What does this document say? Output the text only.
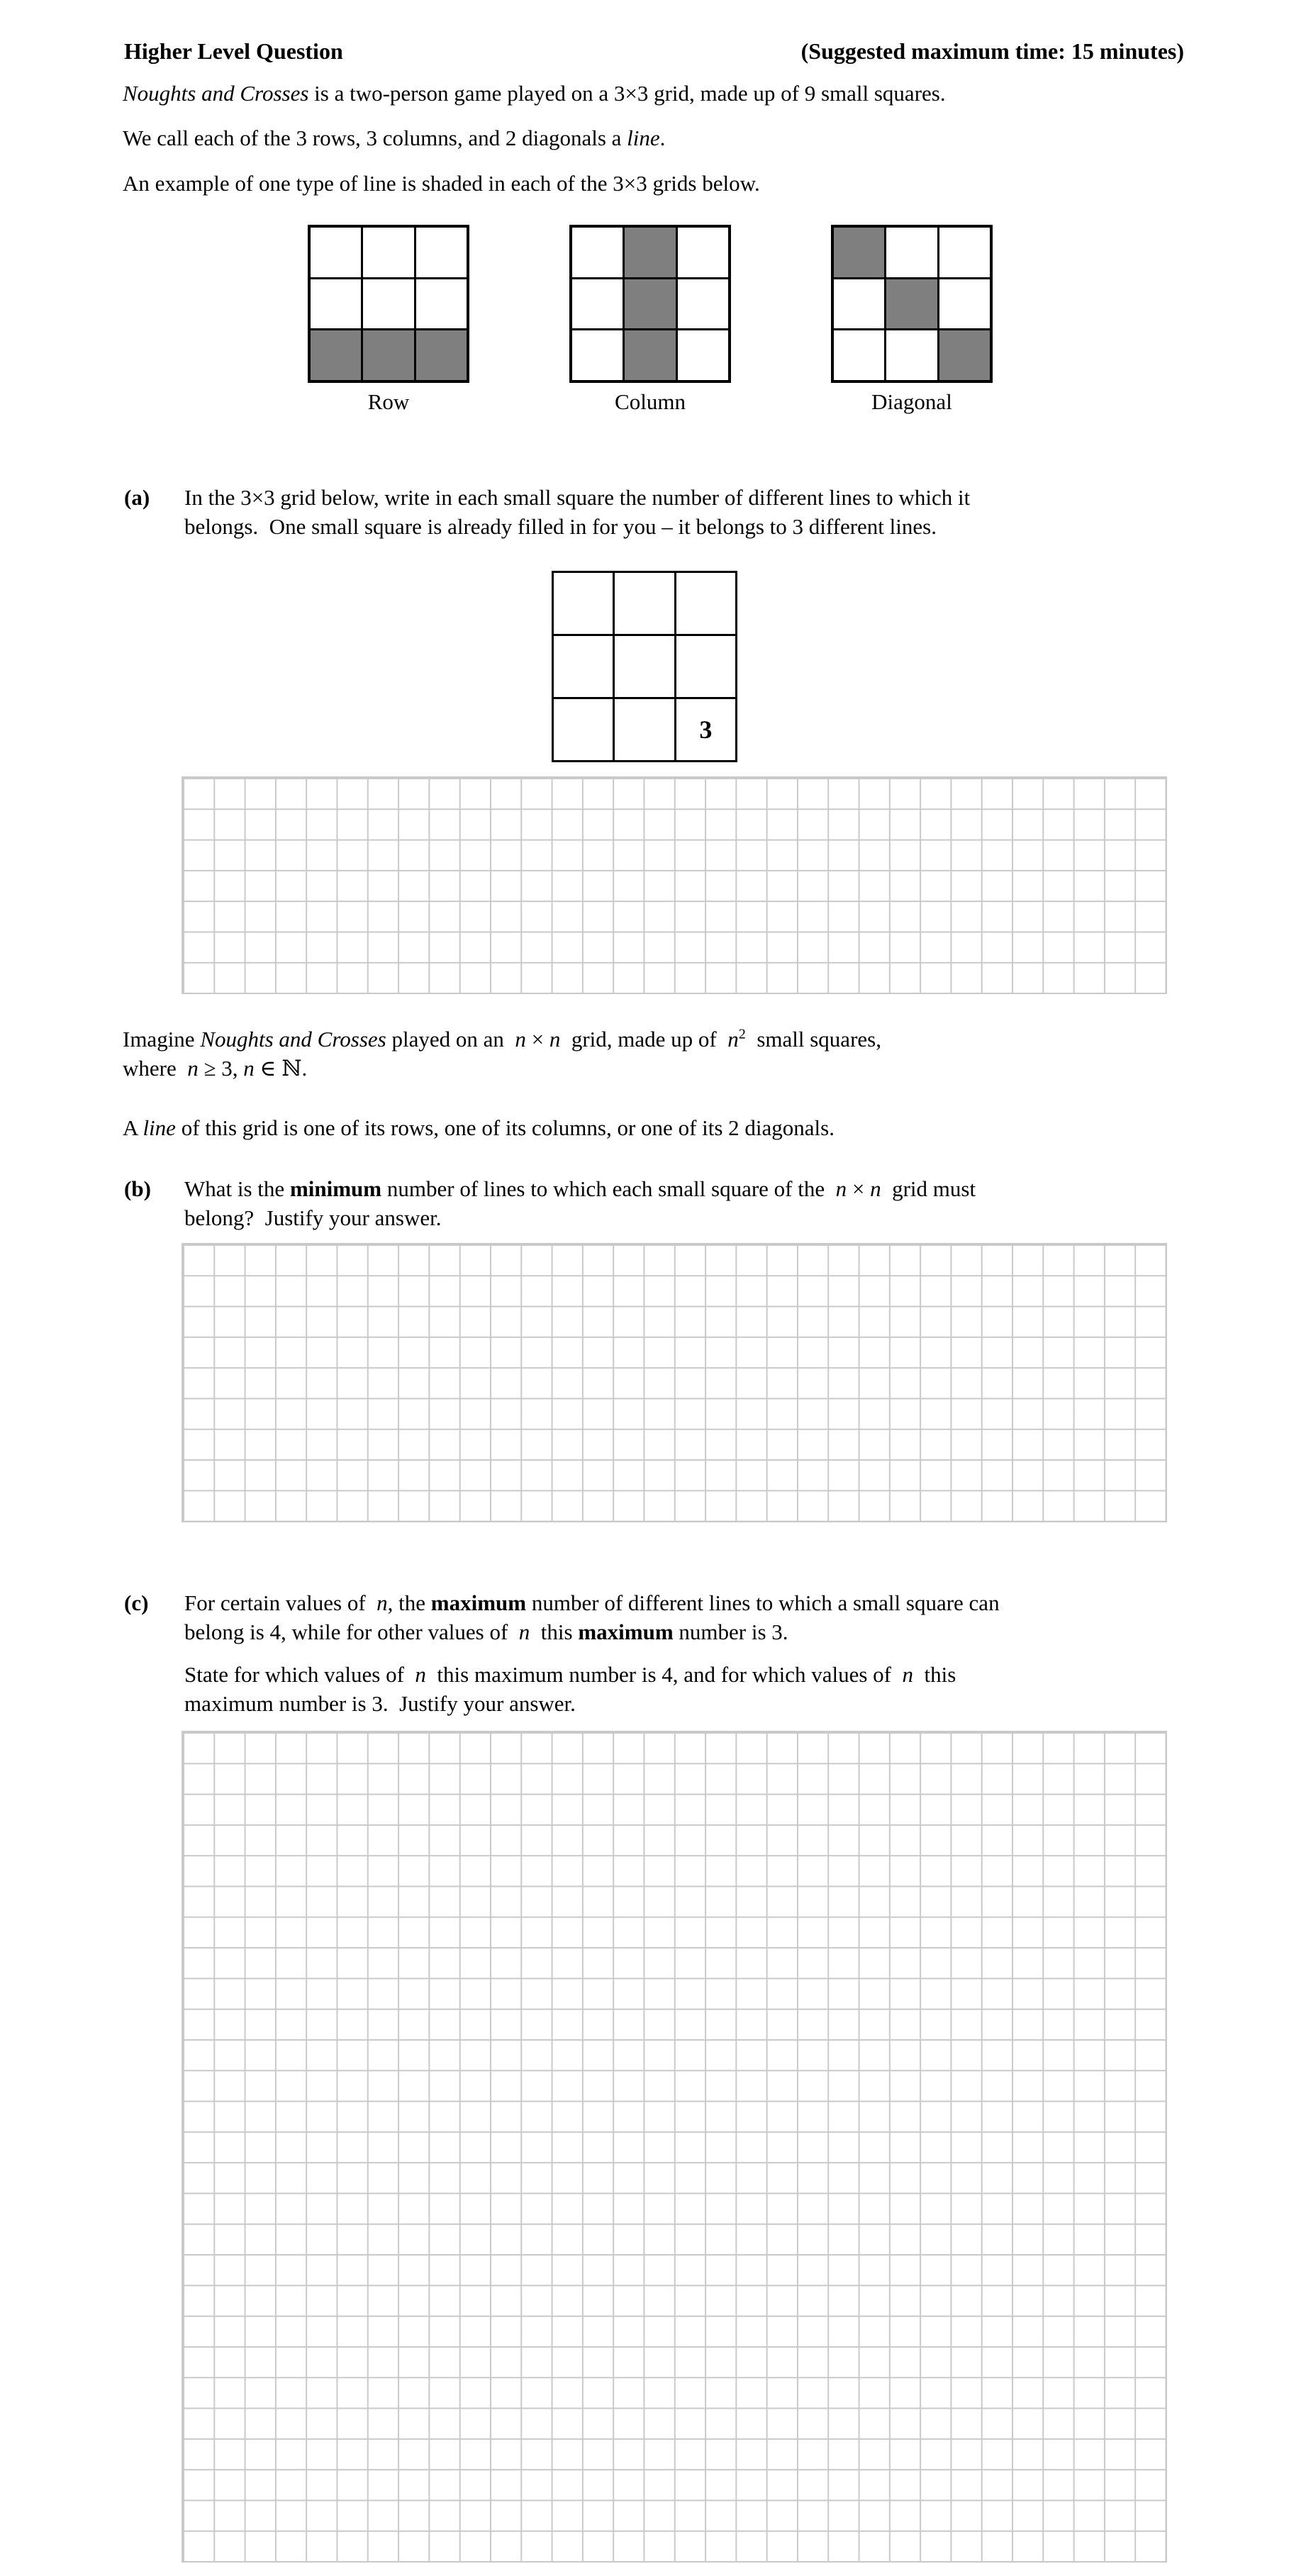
Higher Level Question	(Suggested maximum time: 15 minutes)
Noughts and Crosses is a two-person game played on a 3×3 grid, made up of 9 small squares.
We call each of the 3 rows, 3 columns, and 2 diagonals a line.
An example of one type of line is shaded in each of the 3×3 grids below.
Row	Column	Diagonal
(a) In the 3×3 grid below, write in each small square the number of different lines to which it
belongs.  One small square is already filled in for you – it belongs to 3 different lines.
3
Imagine Noughts and Crosses played on an  n × n  grid, made up of  $n^2$  small squares,
where  n ≥ 3, n ∈ ℕ.
A line of this grid is one of its rows, one of its columns, or one of its 2 diagonals.
(b) What is the minimum number of lines to which each small square of the  n × n  grid must
belong?  Justify your answer.
(c) For certain values of  n, the maximum number of different lines to which a small square can
belong is 4, while for other values of  n  this maximum number is 3.
State for which values of  n  this maximum number is 4, and for which values of  n  this
maximum number is 3.  Justify your answer.
